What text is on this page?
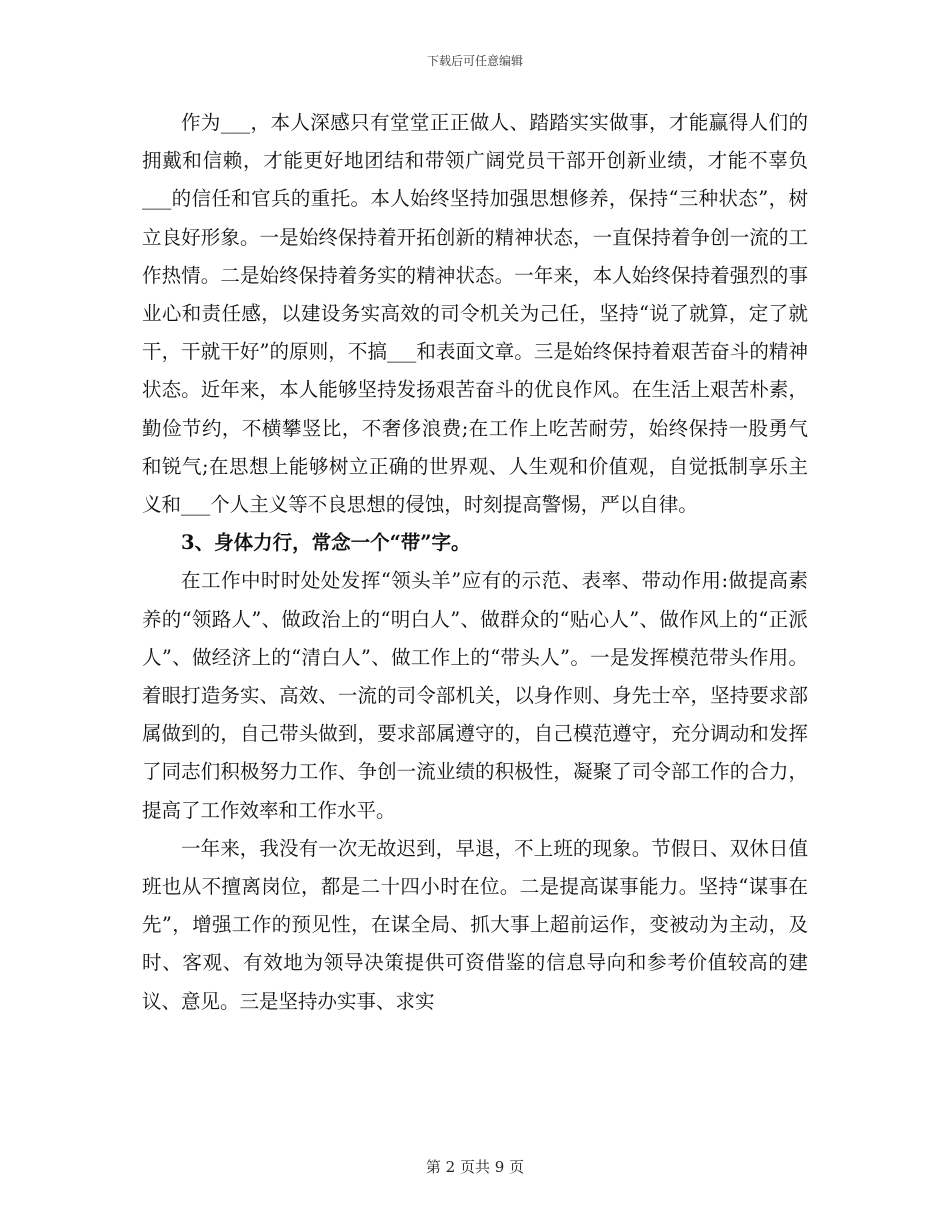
下载后可任意编辑

作为___，本人深感只有堂堂正正做人、踏踏实实做事，才能赢得人们的拥戴和信赖，才能更好地团结和带领广阔党员干部开创新业绩，才能不辜负___的信任和官兵的重托。本人始终坚持加强思想修养，保持“三种状态”，树立良好形象。一是始终保持着开拓创新的精神状态，一直保持着争创一流的工作热情。二是始终保持着务实的精神状态。一年来，本人始终保持着强烈的事业心和责任感，以建设务实高效的司令机关为己任，坚持“说了就算，定了就干，干就干好”的原则，不搞___和表面文章。三是始终保持着艰苦奋斗的精神状态。近年来，本人能够坚持发扬艰苦奋斗的优良作风。在生活上艰苦朴素，勤俭节约，不横攀竖比，不奢侈浪费;在工作上吃苦耐劳，始终保持一股勇气和锐气;在思想上能够树立正确的世界观、人生观和价值观，自觉抵制享乐主义和___个人主义等不良思想的侵蚀，时刻提高警惕，严以自律。

3、身体力行，常念一个“带”字。

在工作中时时处处发挥“领头羊”应有的示范、表率、带动作用:做提高素养的“领路人”、做政治上的“明白人”、做群众的“贴心人”、做作风上的“正派人”、做经济上的“清白人”、做工作上的“带头人”。一是发挥模范带头作用。着眼打造务实、高效、一流的司令部机关，以身作则、身先士卒，坚持要求部属做到的，自己带头做到，要求部属遵守的，自己模范遵守，充分调动和发挥了同志们积极努力工作、争创一流业绩的积极性，凝聚了司令部工作的合力，提高了工作效率和工作水平。

一年来，我没有一次无故迟到，早退，不上班的现象。节假日、双休日值班也从不擅离岗位，都是二十四小时在位。二是提高谋事能力。坚持“谋事在先”，增强工作的预见性，在谋全局、抓大事上超前运作，变被动为主动，及时、客观、有效地为领导决策提供可资借鉴的信息导向和参考价值较高的建议、意见。三是坚持办实事、求实

第 2 页共 9 页
